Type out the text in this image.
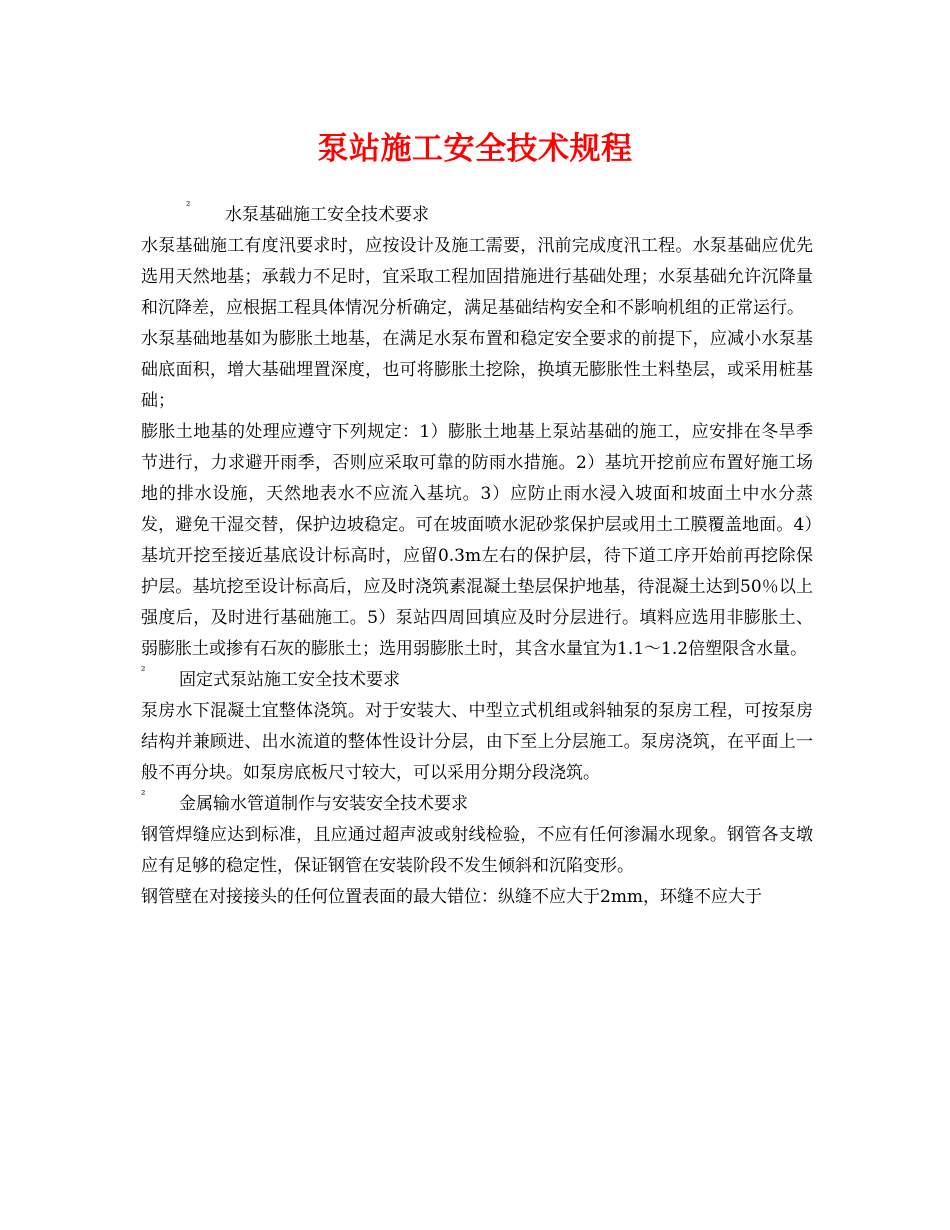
泵站施工安全技术规程
² 水泵基础施工安全技术要求

水泵基础施工有度汛要求时，应按设计及施工需要，汛前完成度汛工程。水泵基础应优先选用天然地基；承载力不足时，宜采取工程加固措施进行基础处理；水泵基础允许沉降量和沉降差，应根据工程具体情况分析确定，满足基础结构安全和不影响机组的正常运行。

水泵基础地基如为膨胀土地基，在满足水泵布置和稳定安全要求的前提下，应减小水泵基础底面积，增大基础埋置深度，也可将膨胀土挖除，换填无膨胀性土料垫层，或采用桩基础；

膨胀土地基的处理应遵守下列规定：1）膨胀土地基上泵站基础的施工，应安排在冬旱季节进行，力求避开雨季，否则应采取可靠的防雨水措施。2）基坑开挖前应布置好施工场地的排水设施，天然地表水不应流入基坑。3）应防止雨水浸入坡面和坡面土中水分蒸发，避免干湿交替，保护边坡稳定。可在坡面喷水泥砂浆保护层或用土工膜覆盖地面。4）基坑开挖至接近基底设计标高时，应留0.3m左右的保护层，待下道工序开始前再挖除保护层。基坑挖至设计标高后，应及时浇筑素混凝土垫层保护地基，待混凝土达到50％以上强度后，及时进行基础施工。5）泵站四周回填应及时分层进行。填料应选用非膨胀土、弱膨胀土或掺有石灰的膨胀土；选用弱膨胀土时，其含水量宜为1.1～1.2倍塑限含水量。

² 固定式泵站施工安全技术要求

泵房水下混凝土宜整体浇筑。对于安装大、中型立式机组或斜轴泵的泵房工程，可按泵房结构并兼顾进、出水流道的整体性设计分层，由下至上分层施工。泵房浇筑，在平面上一般不再分块。如泵房底板尺寸较大，可以采用分期分段浇筑。

² 金属输水管道制作与安装安全技术要求

钢管焊缝应达到标准，且应通过超声波或射线检验，不应有任何渗漏水现象。钢管各支墩应有足够的稳定性，保证钢管在安装阶段不发生倾斜和沉陷变形。

钢管壁在对接接头的任何位置表面的最大错位：纵缝不应大于2mm，环缝不应大于
